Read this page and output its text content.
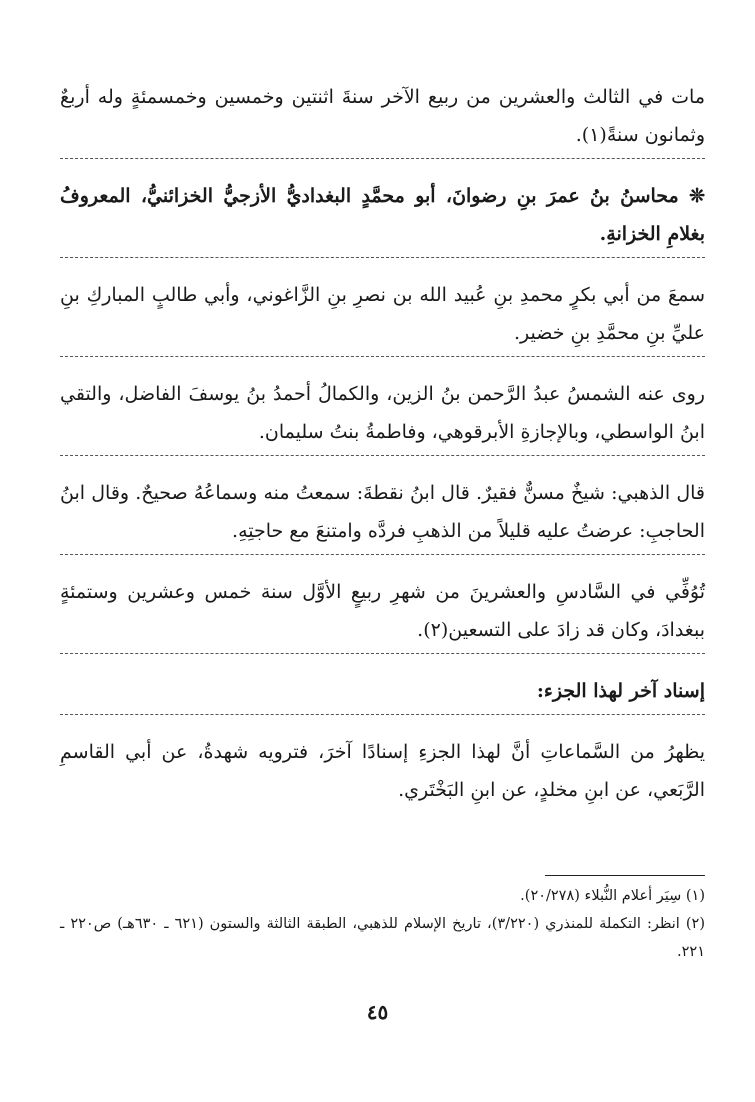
مات في الثالث والعشرين من ربيع الآخر سنةَ اثنتين وخمسين وخمسمئةٍ وله أربعٌ وثمانون سنةً(١).

❊ محاسنُ بنُ عمرَ بنِ رضوانَ، أبو محمَّدٍ البغداديُّ الأزجيُّ الخزائنيُّ، المعروفُ بغلامِ الخزانةِ.

سمعَ من أبي بكرٍ محمدِ بنِ عُبيد الله بن نصرِ بنِ الزَّاغوني، وأبي طالبٍ المباركِ بنِ عليِّ بنِ محمَّدِ بنِ خضير.

روى عنه الشمسُ عبدُ الرَّحمن بنُ الزين، والكمالُ أحمدُ بنُ يوسفَ الفاضل، والتقي ابنُ الواسطي، وبالإجازةِ الأبرقوهي، وفاطمةُ بنتُ سليمان.

قال الذهبي: شيخٌ مسنٌّ فقيرٌ. قال ابنُ نقطةَ: سمعتُ منه وسماعُهُ صحيحٌ. وقال ابنُ الحاجبِ: عرضتُ عليه قليلاً من الذهبِ فردَّه وامتنعَ مع حاجتِهِ.

تُوُفِّي في السَّادسِ والعشرينَ من شهرِ ربيعٍ الأوَّل سنة خمس وعشرين وستمئةٍ ببغدادَ، وكان قد زادَ على التسعين(٢).

إسناد آخر لهذا الجزء:

يظهرُ من السَّماعاتِ أنَّ لهذا الجزءِ إسنادًا آخرَ، فترويه شهدةُ، عن أبي القاسمِ الرَّبَعي، عن ابنِ مخلدٍ، عن ابنِ البَخْتَري.

(١) سِيَر أعلام النُّبلاء (٢٠/٢٧٨).

(٢) انظر: التكملة للمنذري (٣/٢٢٠)، تاريخ الإسلام للذهبي، الطبقة الثالثة والستون (٦٢١ ـ ٦٣٠هـ) ص٢٢٠ ـ ٢٢١.

٤٥
